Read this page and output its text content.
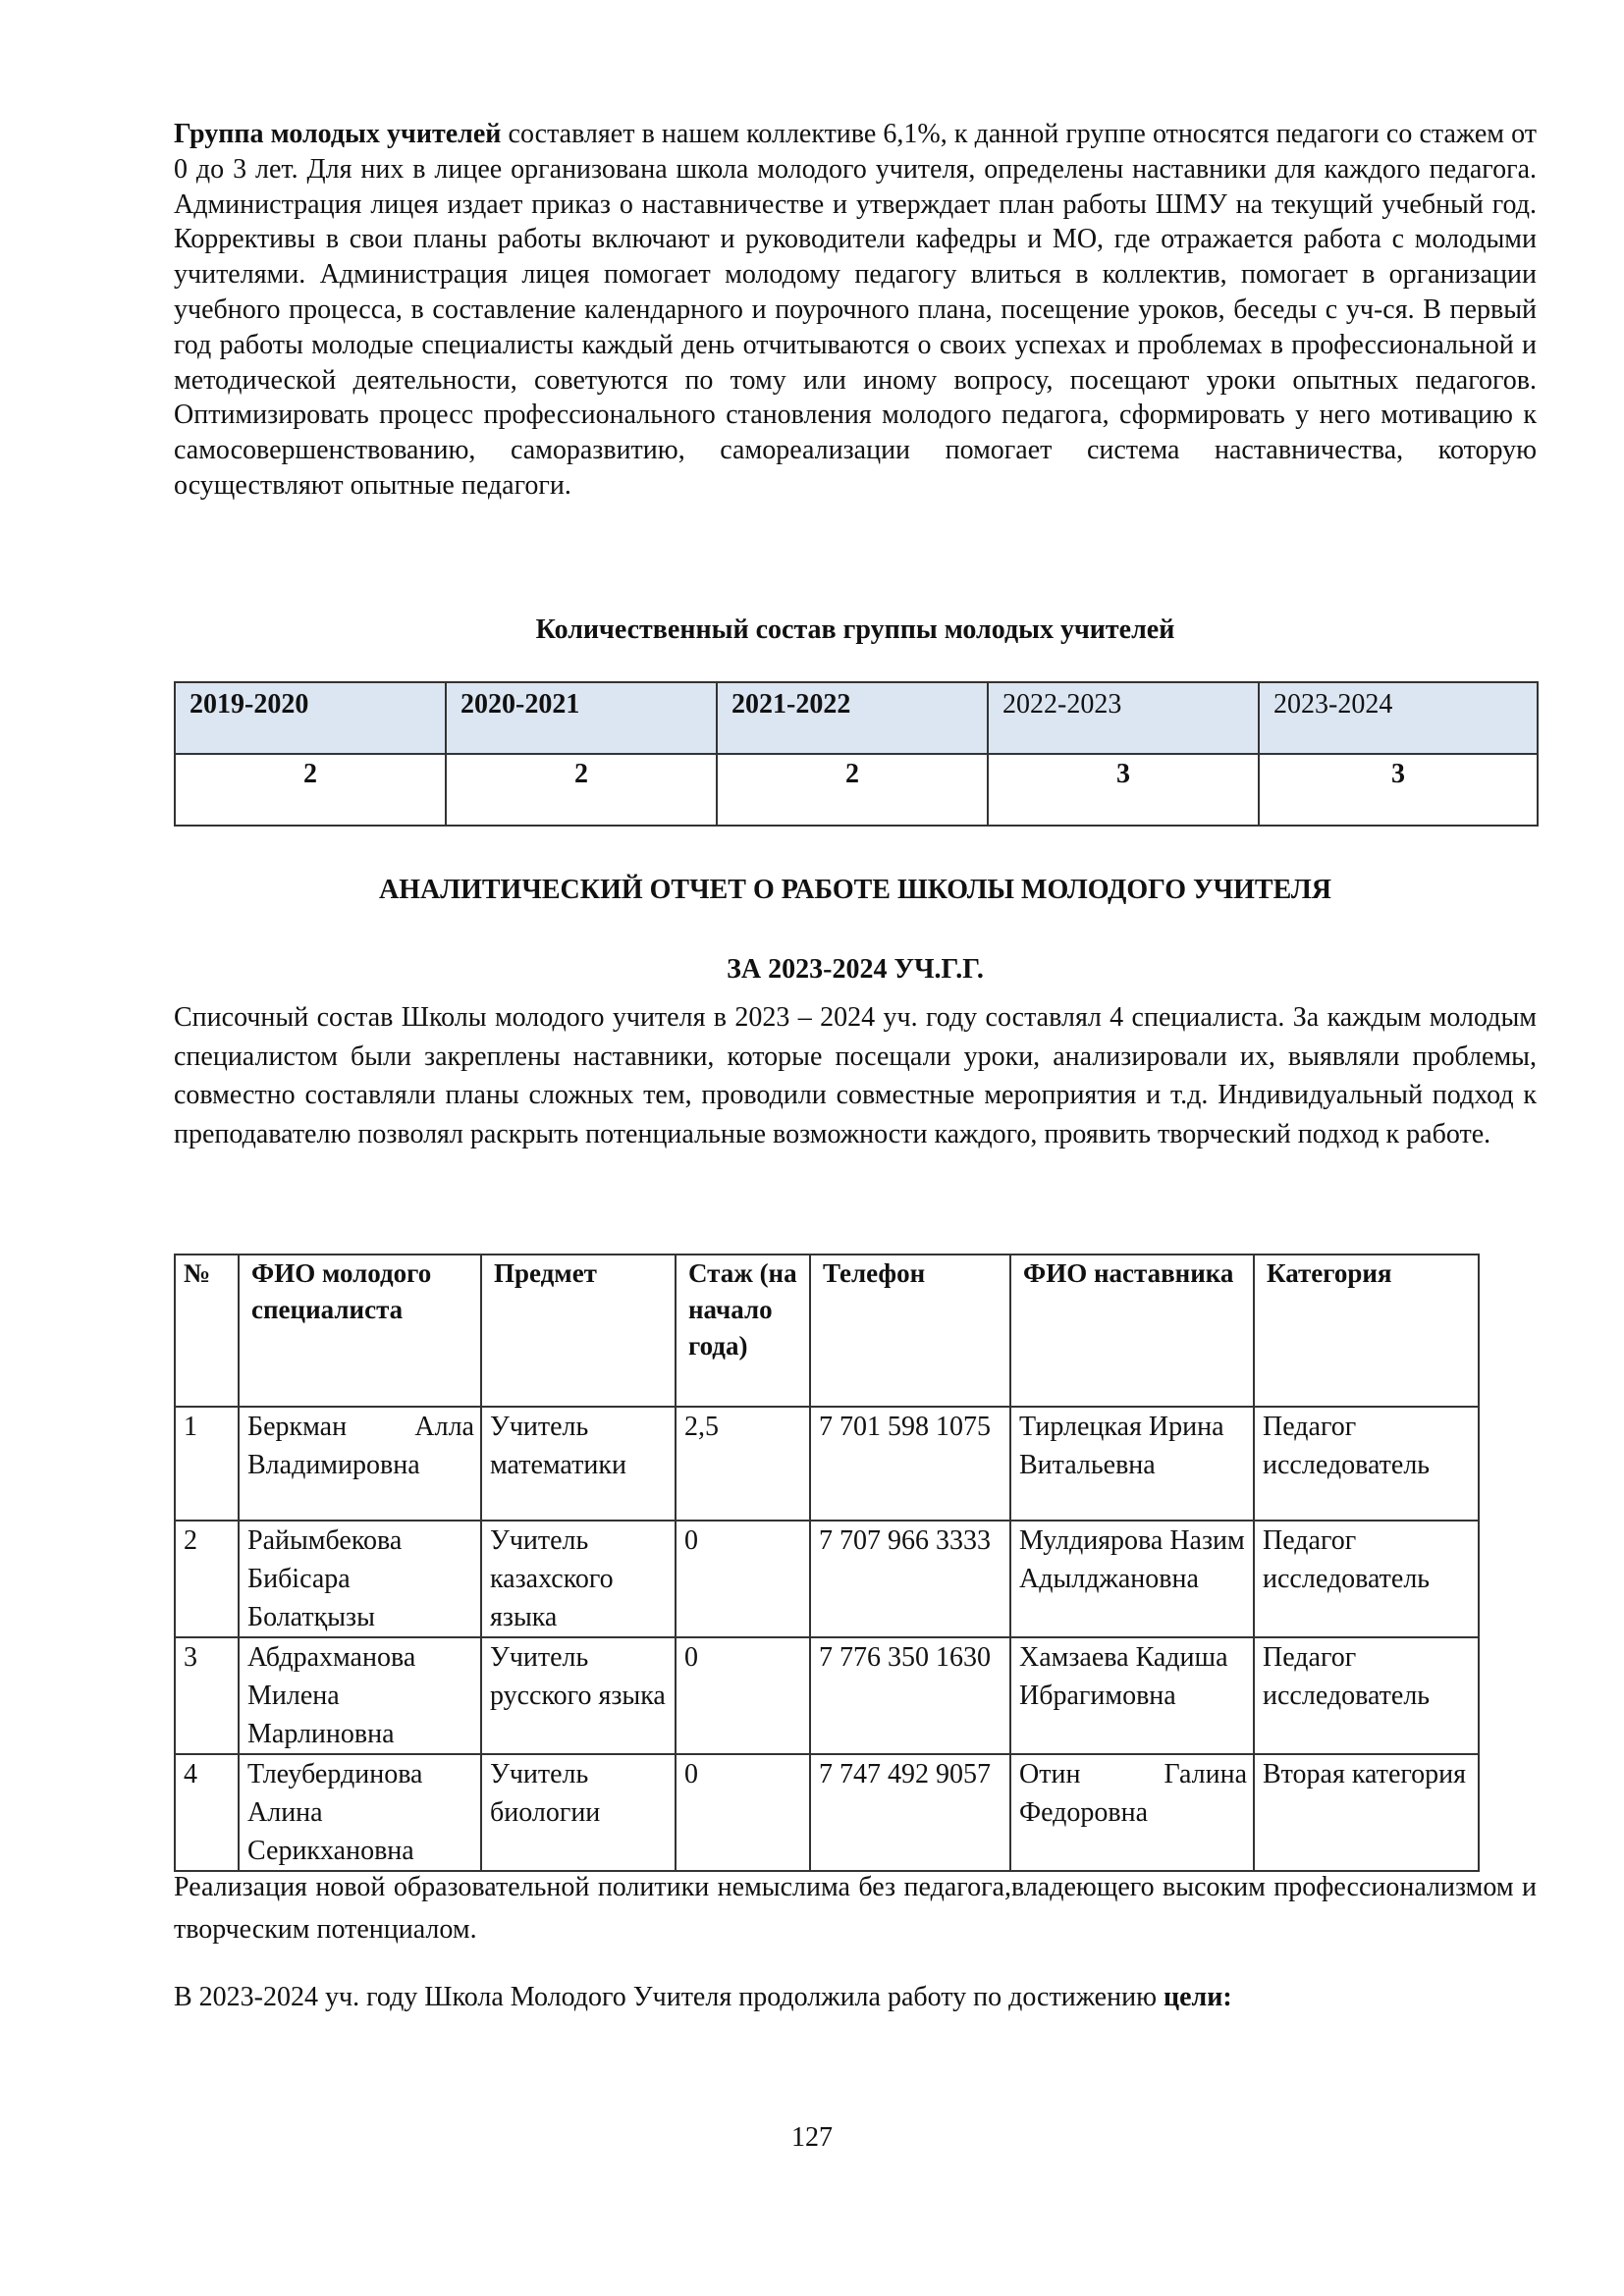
Группа молодых учителей составляет в нашем коллективе 6,1%, к данной группе относятся педагоги со стажем от 0 до 3 лет. Для них в лицее организована школа молодого учителя, определены наставники для каждого педагога. Администрация лицея издает приказ о наставничестве и утверждает план работы ШМУ на текущий учебный год. Коррективы в свои планы работы включают и руководители кафедры и МО, где отражается работа с молодыми учителями. Администрация лицея помогает молодому педагогу влиться в коллектив, помогает в организации учебного процесса, в составление календарного и поурочного плана, посещение уроков, беседы с уч-ся. В первый год работы молодые специалисты каждый день отчитываются о своих успехах и проблемах в профессиональной и методической деятельности, советуются по тому или иному вопросу, посещают уроки опытных педагогов. Оптимизировать процесс профессионального становления молодого педагога, сформировать у него мотивацию к самосовершенствованию, саморазвитию, самореализации помогает система наставничества, которую осуществляют опытные педагоги.
Количественный состав группы молодых учителей
2019-2020	2020-2021	2021-2022	2022-2023	2023-2024
2	2	2	3	3
АНАЛИТИЧЕСКИЙ ОТЧЕТ О РАБОТЕ ШКОЛЫ МОЛОДОГО УЧИТЕЛЯ
ЗА 2023-2024 УЧ.Г.Г.
Списочный состав Школы молодого учителя в 2023 – 2024 уч. году составлял 4 специалиста. За каждым молодым специалистом были закреплены наставники, которые посещали уроки, анализировали их, выявляли проблемы, совместно составляли планы сложных тем, проводили совместные мероприятия и т.д. Индивидуальный подход к преподавателю позволял раскрыть потенциальные возможности каждого, проявить творческий подход к работе.
№	ФИО молодого специалиста	Предмет	Стаж (на начало года)	Телефон	ФИО наставника	Категория
1	Беркман Алла Владимировна	Учитель математики	2,5	7 701 598 1075	Тирлецкая Ирина Витальевна	Педагог исследователь
2	Райымбекова Бибісара Болатқызы	Учитель казахского языка	0	7 707 966 3333	Мулдиярова Назим Адылджановна	Педагог исследователь
3	Абдрахманова Милена Марлиновна	Учитель русского языка	0	7 776 350 1630	Хамзаева Кадиша Ибрагимовна	Педагог исследователь
4	Тлеубердинова Алина Серикхановна	Учитель биологии	0	7 747 492 9057	Отин Галина Федоровна	Вторая категория
Реализация новой образовательной политики немыслима без педагога,владеющего высоким профессионализмом и творческим потенциалом.
В 2023-2024 уч. году Школа Молодого Учителя продолжила работу по достижению цели:
127
